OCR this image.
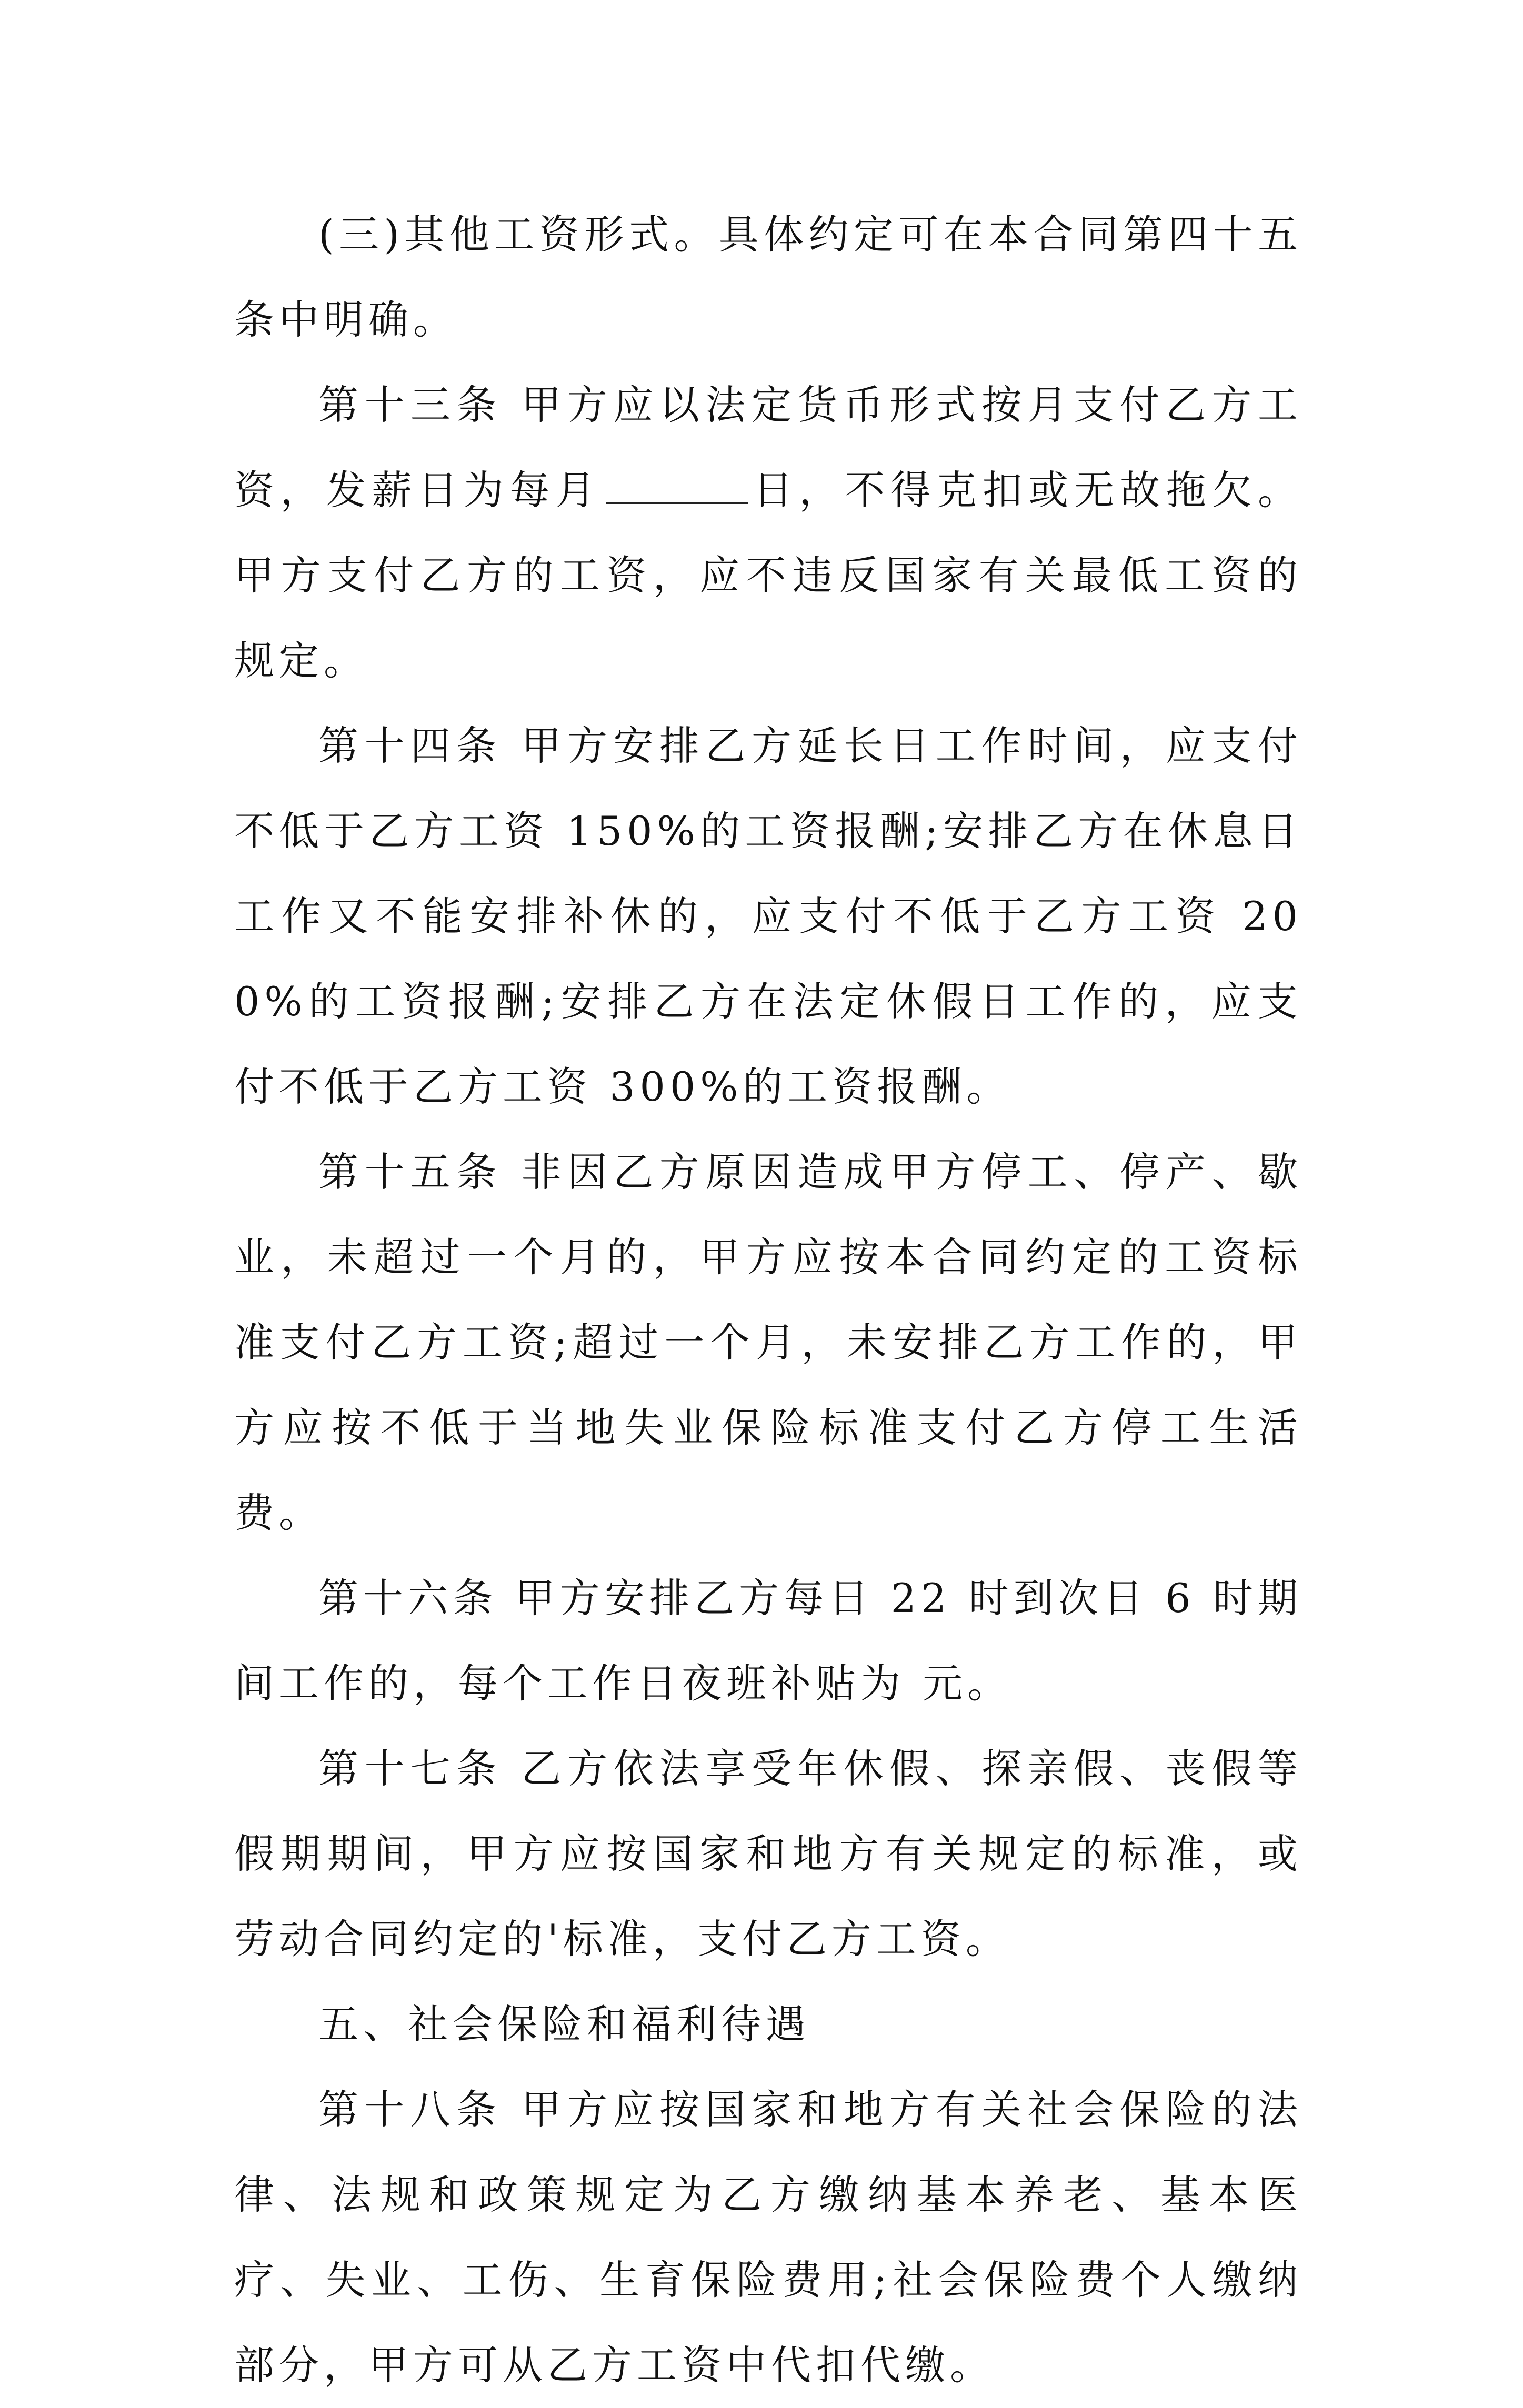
(三)其他工资形式。具体约定可在本合同第四十五条中明确。

第十三条 甲方应以法定货币形式按月支付乙方工资，发薪日为每月	日，不得克扣或无故拖欠。甲方支付乙方的工资，应不违反国家有关最低工资的规定。

第十四条 甲方安排乙方延长日工作时间，应支付不低于乙方工资 150%的工资报酬;安排乙方在休息日工作又不能安排补休的，应支付不低于乙方工资 200%的工资报酬;安排乙方在法定休假日工作的，应支付不低于乙方工资 300%的工资报酬。

第十五条 非因乙方原因造成甲方停工、停产、歇业，未超过一个月的，甲方应按本合同约定的工资标准支付乙方工资;超过一个月，未安排乙方工作的，甲方应按不低于当地失业保险标准支付乙方停工生活费。

第十六条 甲方安排乙方每日 22 时到次日 6 时期间工作的，每个工作日夜班补贴为 元。

第十七条 乙方依法享受年休假、探亲假、丧假等假期期间，甲方应按国家和地方有关规定的标准，或劳动合同约定的'标准，支付乙方工资。

五、社会保险和福利待遇

第十八条 甲方应按国家和地方有关社会保险的法律、法规和政策规定为乙方缴纳基本养老、基本医疗、失业、工伤、生育保险费用;社会保险费个人缴纳部分，甲方可从乙方工资中代扣代缴。
